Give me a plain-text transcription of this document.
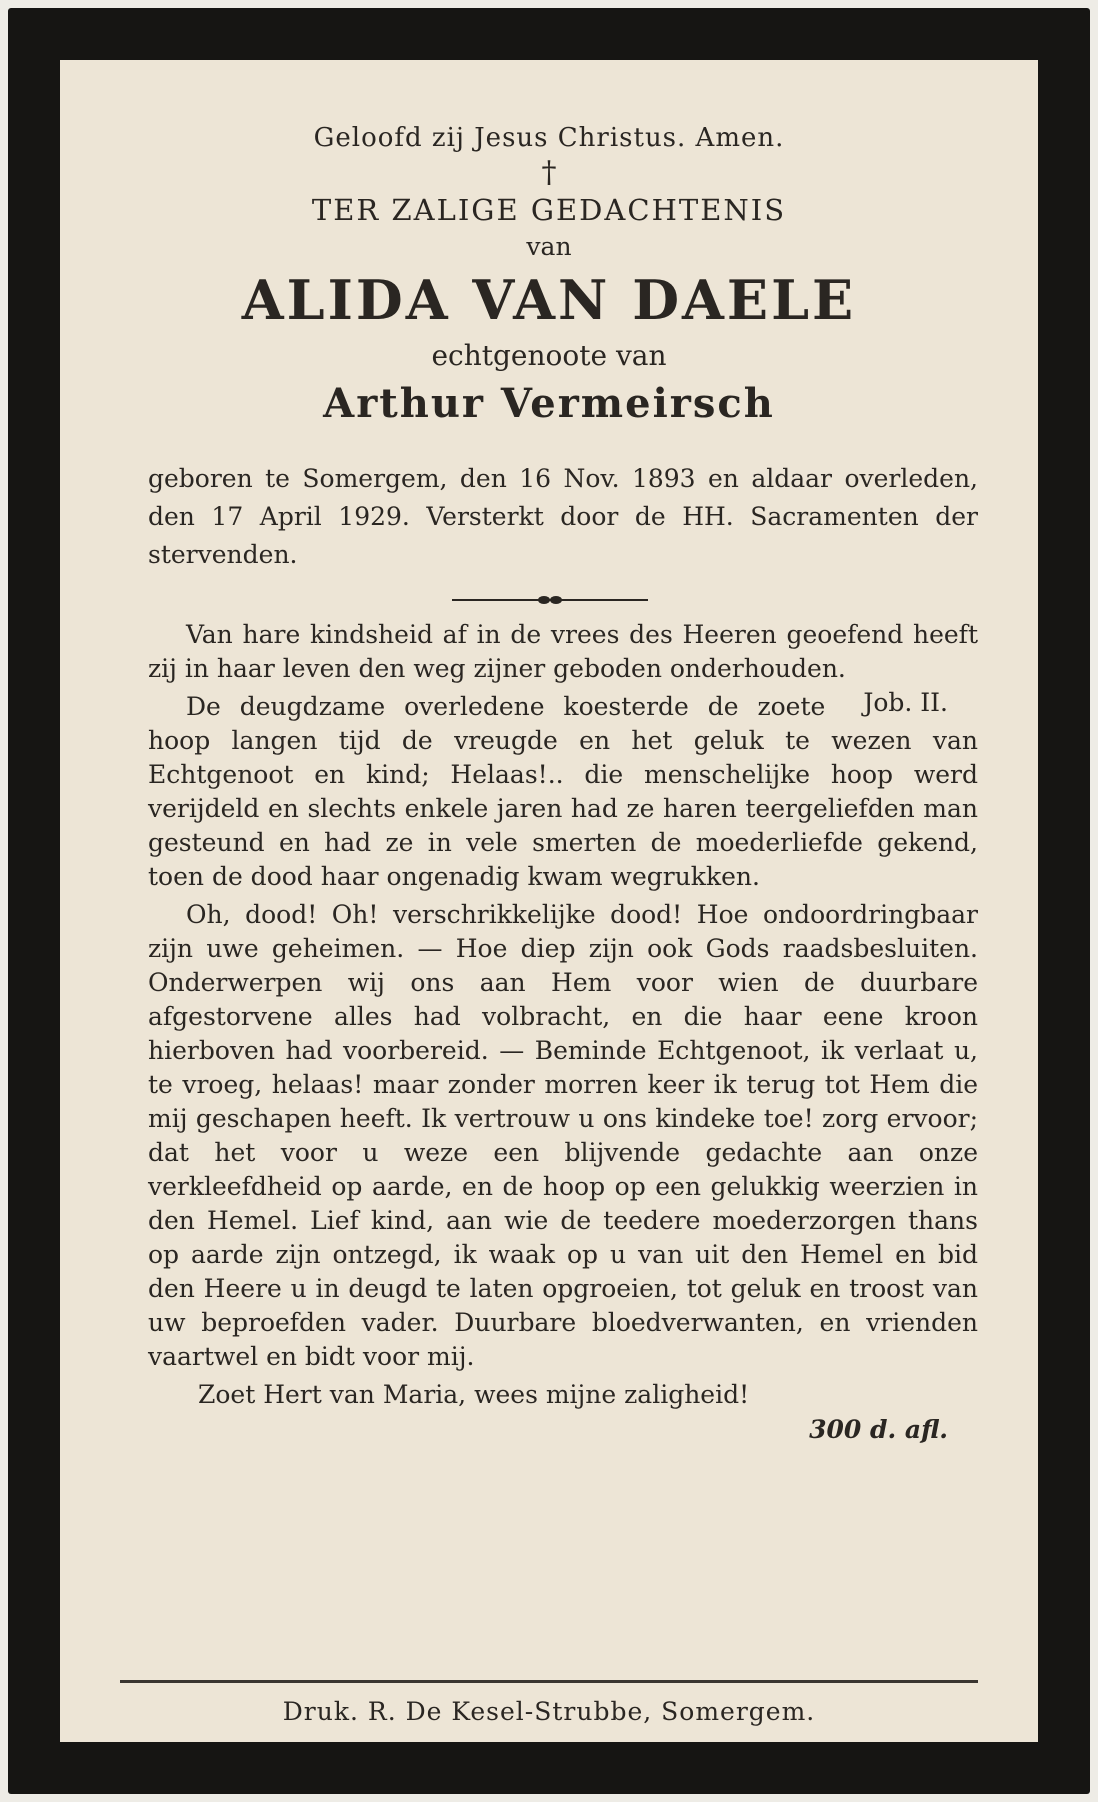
Geloofd zij Jesus Christus. Amen.
†
TER ZALIGE GEDACHTENIS
van
ALIDA VAN DAELE
echtgenoote van
Arthur Vermeirsch
geboren te Somergem, den 16 Nov. 1893 en aldaar overleden, den 17 April 1929. Versterkt door de HH. Sacramenten der stervenden.

Van hare kindsheid af in de vrees des Heeren geoefend heeft zij in haar leven den weg zijner geboden onderhouden.
Job. II.

De deugdzame overledene koesterde de zoete hoop langen tijd de vreugde en het geluk te wezen van Echtgenoot en kind; Helaas!.. die menschelijke hoop werd verijdeld en slechts enkele jaren had ze haren teergeliefden man gesteund en had ze in vele smerten de moederliefde gekend, toen de dood haar ongenadig kwam wegrukken.

Oh, dood! Oh! verschrikkelijke dood! Hoe ondoordringbaar zijn uwe geheimen. — Hoe diep zijn ook Gods raadsbesluiten. Onderwerpen wij ons aan Hem voor wien de duurbare afgestorvene alles had volbracht, en die haar eene kroon hierboven had voorbereid. — Beminde Echtgenoot, ik verlaat u, te vroeg, helaas! maar zonder morren keer ik terug tot Hem die mij geschapen heeft. Ik vertrouw u ons kindeke toe! zorg ervoor; dat het voor u weze een blijvende gedachte aan onze verkleefdheid op aarde, en de hoop op een gelukkig weerzien in den Hemel. Lief kind, aan wie de teedere moederzorgen thans op aarde zijn ontzegd, ik waak op u van uit den Hemel en bid den Heere u in deugd te laten opgroeien, tot geluk en troost van uw beproefden vader. Duurbare bloedverwanten, en vrienden vaartwel en bidt voor mij.

Zoet Hert van Maria, wees mijne zaligheid!

300 d. afl.
Druk. R. De Kesel-Strubbe, Somergem.
